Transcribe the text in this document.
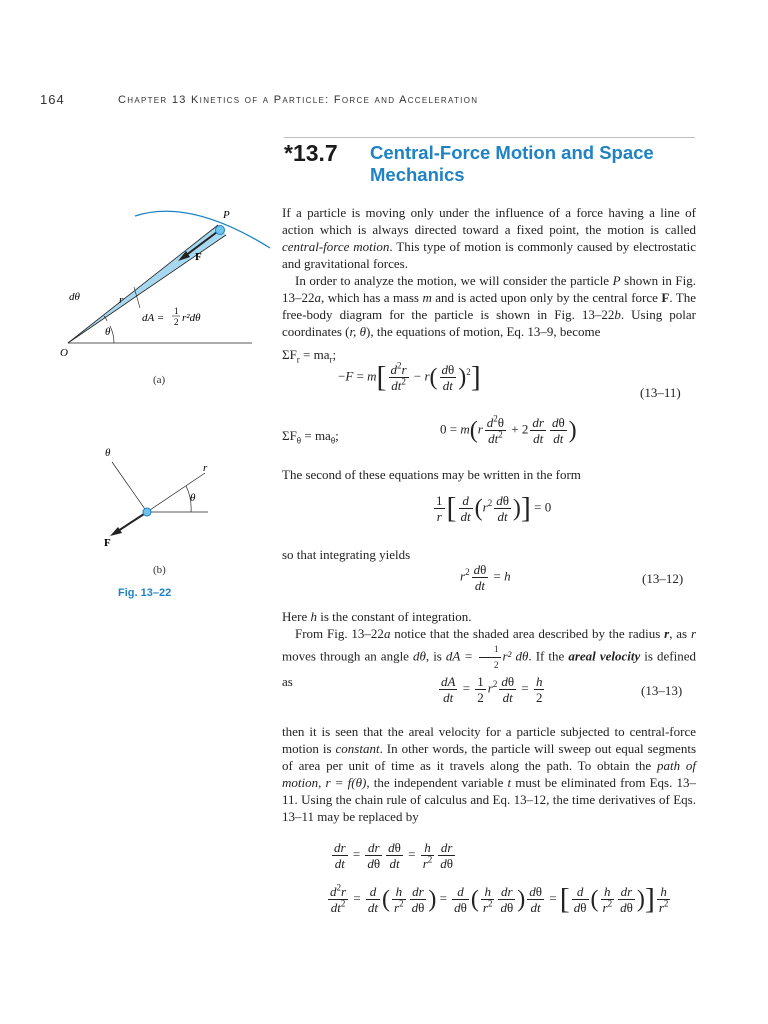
164	Chapter 13 Kinetics of a Particle: Force and Acceleration
*13.7 Central-Force Motion and Space Mechanics
P
F
r
dθ
θ
O
dA =
1
2 r²dθ
(a)
θ
r
θ
F
(b)
Fig. 13–22

If a particle is moving only under the influence of a force having a line of action which is always directed toward a fixed point, the motion is called central-force motion. This type of motion is commonly caused by electrostatic and gravitational forces.

In order to analyze the motion, we will consider the particle P shown in Fig. 13–22a, which has a mass m and is acted upon only by the central force F. The free-body diagram for the particle is shown in Fig. 13–22b. Using polar coordinates (r, θ), the equations of motion, Eq. 13–9, become

$\Sigma F_r = ma_r$;
$-F = m[ \frac{d^2r}{dt^2} - r( \frac{d\theta}{dt} )^2]$	(13–11)
$\Sigma F_\theta = ma_\theta$;	$0 = m(r \frac{d^2\theta}{dt^2} + 2 \frac{dr}{dt} \frac{d\theta}{dt}$ )
The second of these equations may be written in the form
$\frac{1}{r}$ [ $\frac{d}{dt} (r^2 \frac{d\theta}{dt}$ )] = 0
so that integrating yields
$r^2 \frac{d\theta}{dt} = h$	(13–12)

Here h is the constant of integration.

From Fig. 13–22a notice that the shaded area described by the radius r, as r moves through an angle dθ, is dA = $\frac{1}{2} r^2$ dθ. If the areal velocity is defined as	$\frac{dA}{dt} = \frac{1}{2} r^2 \frac{d\theta}{dt} = \frac{h}{2}$	(13–13)

then it is seen that the areal velocity for a particle subjected to central-force motion is constant. In other words, the particle will sweep out equal segments of area per unit of time as it travels along the path. To obtain the path of motion, r = f(θ), the independent variable t must be eliminated from Eqs. 13–11. Using the chain rule of calculus and Eq. 13–12, the time derivatives of Eqs. 13–11 may be replaced by

$\frac{dr}{dt} = \frac{dr}{d\theta} \frac{d\theta}{dt} = \frac{h}{r^2} \frac{dr}{d\theta}$
$\frac{d^2r}{dt^2} = \frac{d}{dt}$ ( $\frac{h}{r^2} \frac{dr}{d\theta}$ ) = $\frac{d}{d\theta}$ ( $\frac{h}{r^2} \frac{dr}{d\theta}$ ) $\frac{d\theta}{dt}$ = [ $\frac{d}{d\theta}$ ( $\frac{h}{r^2} \frac{dr}{d\theta}$ )] $\frac{h}{r^2}$
